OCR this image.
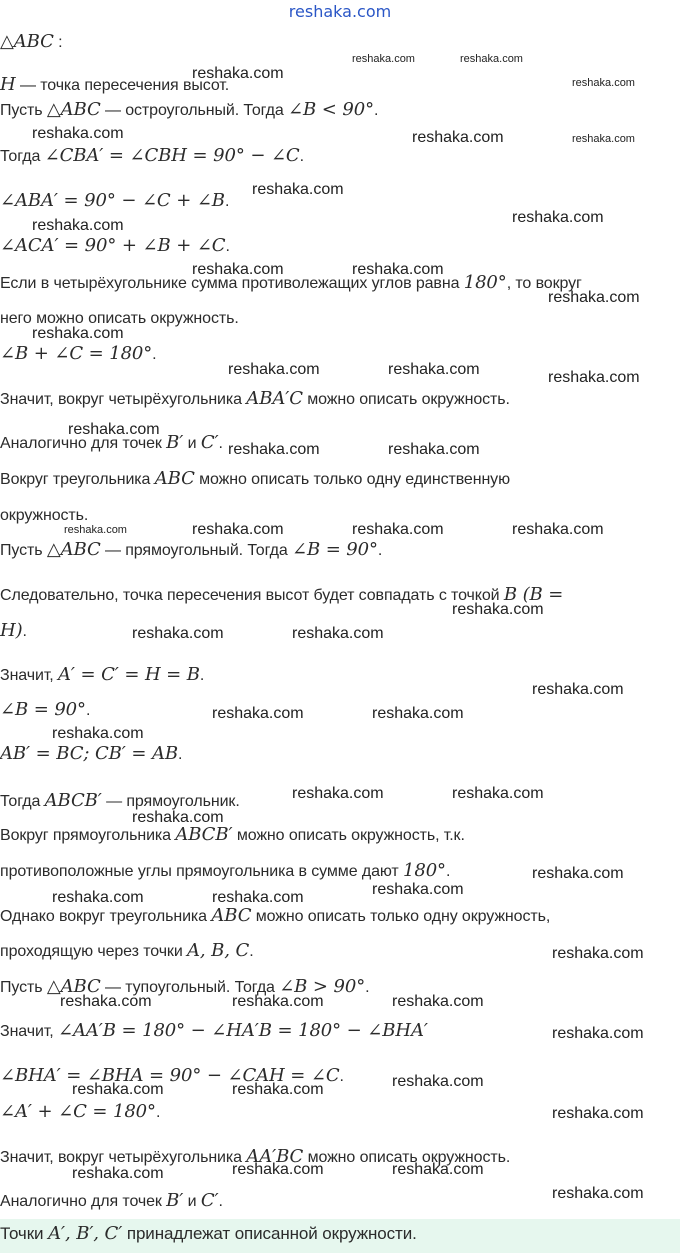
reshaka.com
△ABC :
H — точка пересечения высот.
Пусть △ABC — остроугольный. Тогда ∠B < 90°.
Тогда ∠CBA′ = ∠CBH = 90° − ∠C.
∠ABA′ = 90° − ∠C + ∠B.
∠ACA′ = 90° + ∠B + ∠C.
Если в четырёхугольнике сумма противолежащих углов равна 180°, то вокруг
него можно описать окружность.
∠B + ∠C = 180°.
Значит, вокруг четырёхугольника ABA′C можно описать окружность.
Аналогично для точек B′ и C′.
Вокруг треугольника ABC можно описать только одну единственную
окружность.
Пусть △ABC — прямоугольный. Тогда ∠B = 90°.
Следовательно, точка пересечения высот будет совпадать с точкой B (B =
H).
Значит, A′ = C′ = H = B.
∠B = 90°.
AB′ = BC; CB′ = AB.
Тогда ABCB′ — прямоугольник.
Вокруг прямоугольника ABCB′ можно описать окружность, т.к.
противоположные углы прямоугольника в сумме дают 180°.
Однако вокруг треугольника ABC можно описать только одну окружность,
проходящую через точки A, B, C.
Пусть △ABC — тупоугольный. Тогда ∠B > 90°.
Значит, ∠AA′B = 180° − ∠HA′B = 180° − ∠BHA′
∠BHA′ = ∠BHA = 90° − ∠CAH = ∠C.
∠A′ + ∠C = 180°.
Значит, вокруг четырёхугольника AA′BC можно описать окружность.
Аналогично для точек B′ и C′.
reshaka.com	reshaka.com
reshaka.com
reshaka.com
reshaka.com	reshaka.com	reshaka.com
reshaka.com
reshaka.com	reshaka.com
reshaka.com	reshaka.com
reshaka.com
reshaka.com
reshaka.com	reshaka.com	reshaka.com
reshaka.com
reshaka.com	reshaka.com
reshaka.com	reshaka.com	reshaka.com	reshaka.com
reshaka.com
reshaka.com	reshaka.com
reshaka.com
reshaka.com	reshaka.com
reshaka.com
reshaka.com	reshaka.com
reshaka.com
reshaka.com
reshaka.com
reshaka.com	reshaka.com
reshaka.com
reshaka.com	reshaka.com	reshaka.com
reshaka.com
reshaka.com
reshaka.com	reshaka.com
reshaka.com
reshaka.com	reshaka.com	reshaka.com
reshaka.com
Точки A′, B′, C′ принадлежат описанной окружности.
